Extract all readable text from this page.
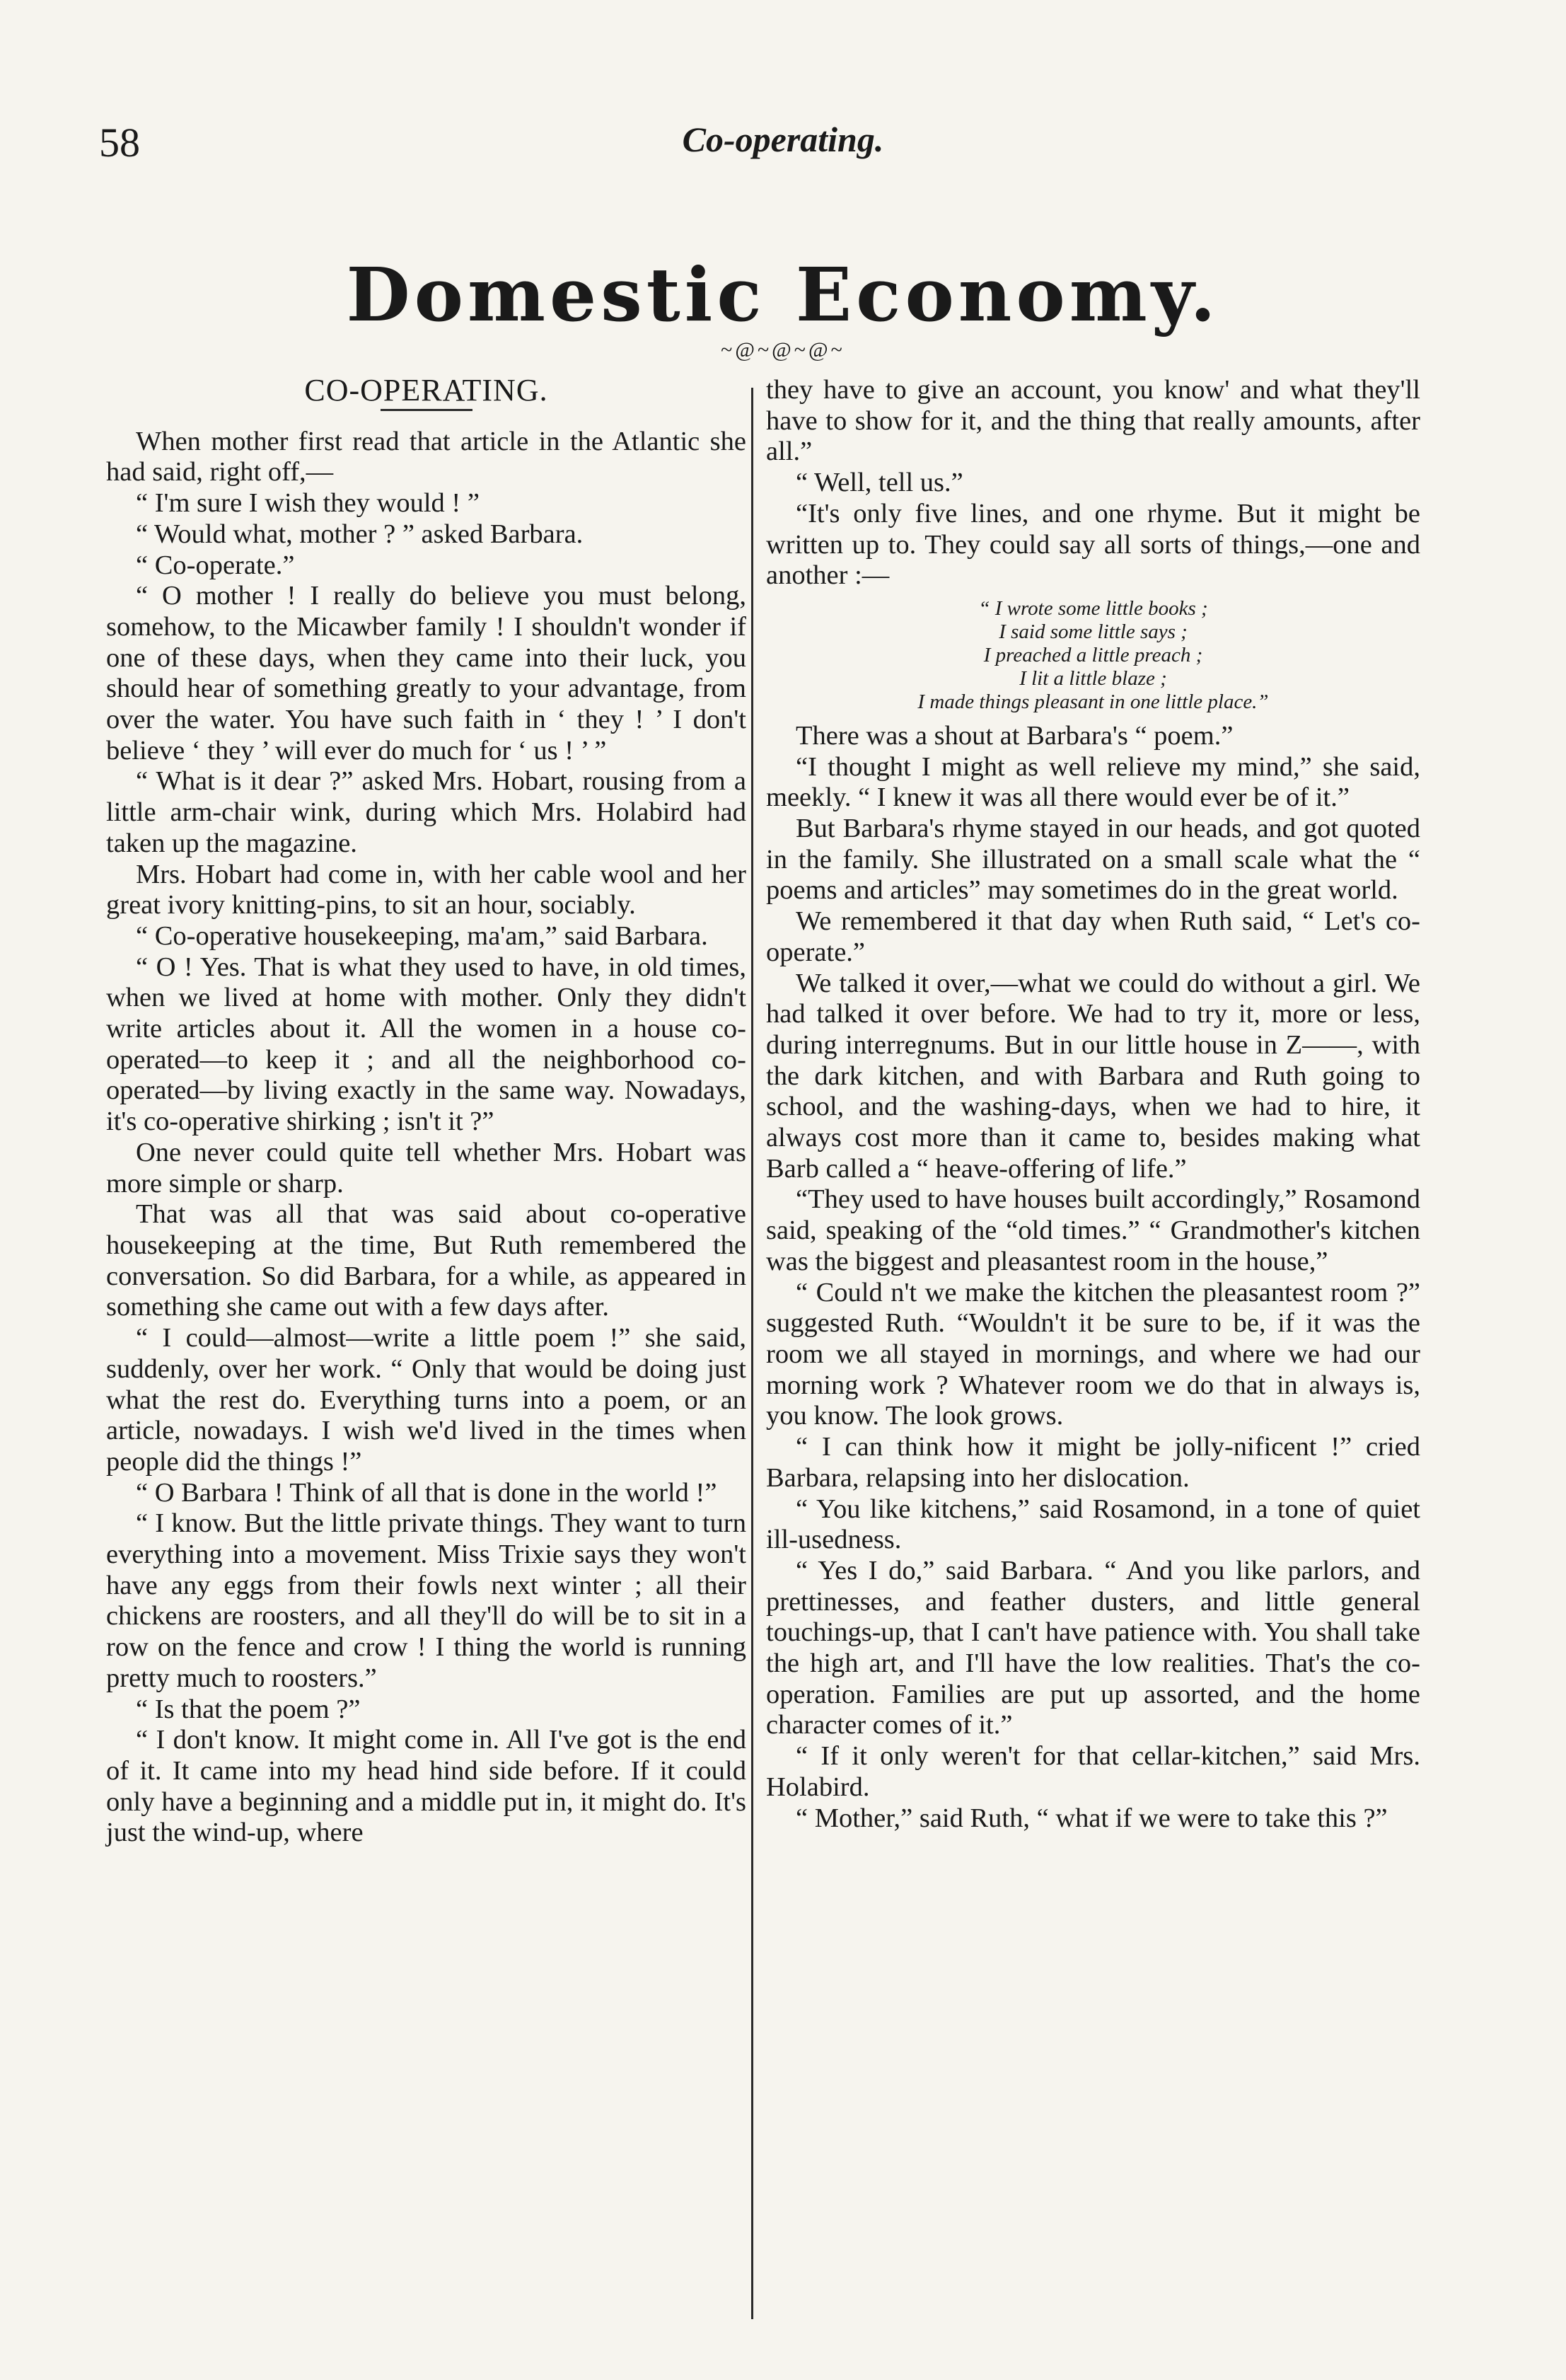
58	Co-operating.
Domestic Economy.
~@~@~@~

CO-OPERATING.

When mother first read that article in the Atlantic she had said, right off,—

“ I'm sure I wish they would ! ”

“ Would what, mother ? ” asked Barbara.

“ Co-operate.”

“ O mother ! I really do believe you must belong, somehow, to the Micawber family ! I shouldn't wonder if one of these days, when they came into their luck, you should hear of something greatly to your advantage, from over the water. You have such faith in ‘ they ! ’ I don't believe ‘ they ’ will ever do much for ‘ us ! ’ ”

“ What is it dear ?” asked Mrs. Hobart, rousing from a little arm-chair wink, during which Mrs. Holabird had taken up the magazine.

Mrs. Hobart had come in, with her cable wool and her great ivory knitting-pins, to sit an hour, sociably.

“ Co-operative housekeeping, ma'am,” said Barbara.

“ O ! Yes. That is what they used to have, in old times, when we lived at home with mother. Only they didn't write articles about it. All the women in a house co-operated—to keep it ; and all the neighborhood co-operated—by living exactly in the same way. Nowadays, it's co-operative shirking ; isn't it ?”

One never could quite tell whether Mrs. Hobart was more simple or sharp.

That was all that was said about co-operative housekeeping at the time, But Ruth remembered the conversation. So did Barbara, for a while, as appeared in something she came out with a few days after.

“ I could—almost—write a little poem !” she said, suddenly, over her work. “ Only that would be doing just what the rest do. Everything turns into a poem, or an article, nowadays. I wish we'd lived in the times when people did the things !”

“ O Barbara ! Think of all that is done in the world !”

“ I know. But the little private things. They want to turn everything into a movement. Miss Trixie says they won't have any eggs from their fowls next winter ; all their chickens are roosters, and all they'll do will be to sit in a row on the fence and crow ! I thing the world is running pretty much to roosters.”

“ Is that the poem ?”

“ I don't know. It might come in. All I've got is the end of it. It came into my head hind side before. If it could only have a beginning and a middle put in, it might do. It's just the wind-up, where

they have to give an account, you know' and what they'll have to show for it, and the thing that really amounts, after all.”

“ Well, tell us.”

“It's only five lines, and one rhyme. But it might be written up to. They could say all sorts of things,—one and another :—

“ I wrote some little books ;
I said some little says ;
I preached a little preach ;
I lit a little blaze ;
I made things pleasant in one little place.”

There was a shout at Barbara's “ poem.”

“I thought I might as well relieve my mind,” she said, meekly. “ I knew it was all there would ever be of it.”

But Barbara's rhyme stayed in our heads, and got quoted in the family. She illustrated on a small scale what the “ poems and articles” may sometimes do in the great world.

We remembered it that day when Ruth said, “ Let's co-operate.”

We talked it over,—what we could do without a girl. We had talked it over before. We had to try it, more or less, during interregnums. But in our little house in Z——, with the dark kitchen, and with Barbara and Ruth going to school, and the washing-days, when we had to hire, it always cost more than it came to, besides making what Barb called a “ heave-offering of life.”

“They used to have houses built accordingly,” Rosamond said, speaking of the “old times.” “ Grandmother's kitchen was the biggest and pleasantest room in the house,”

“ Could n't we make the kitchen the pleasantest room ?” suggested Ruth. “Wouldn't it be sure to be, if it was the room we all stayed in mornings, and where we had our morning work ? Whatever room we do that in always is, you know. The look grows.

“ I can think how it might be jolly-nificent !” cried Barbara, relapsing into her dislocation.

“ You like kitchens,” said Rosamond, in a tone of quiet ill-usedness.

“ Yes I do,” said Barbara. “ And you like parlors, and prettinesses, and feather dusters, and little general touchings-up, that I can't have patience with. You shall take the high art, and I'll have the low realities. That's the co-operation. Families are put up assorted, and the home character comes of it.”

“ If it only weren't for that cellar-kitchen,” said Mrs. Holabird.

“ Mother,” said Ruth, “ what if we were to take this ?”
